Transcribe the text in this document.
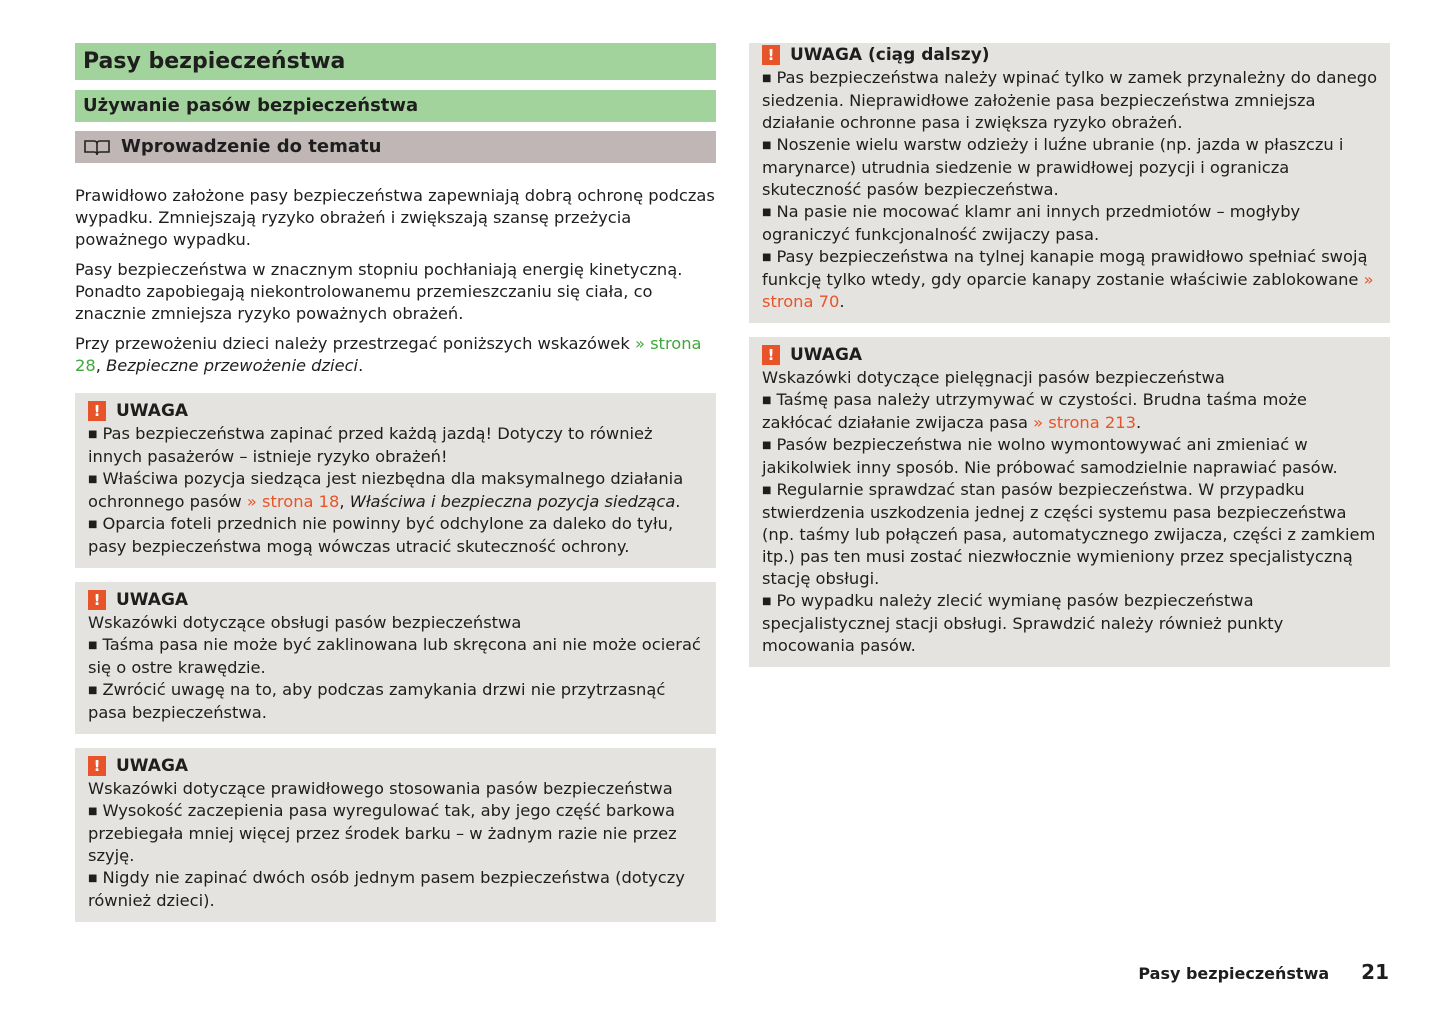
Pasy bezpieczeństwa
Używanie pasów bezpieczeństwa
Wprowadzenie do tematu

Prawidłowo założone pasy bezpieczeństwa zapewniają dobrą ochronę podczas wypadku. Zmniejszają ryzyko obrażeń i zwiększają szansę przeżycia poważnego wypadku.

Pasy bezpieczeństwa w znacznym stopniu pochłaniają energię kinetyczną. Ponadto zapobiegają niekontrolowanemu przemieszczaniu się ciała, co znacznie zmniejsza ryzyko poważnych obrażeń.

Przy przewożeniu dzieci należy przestrzegać poniższych wskazówek » strona 28, Bezpieczne przewożenie dzieci.

! UWAGA
■ Pas bezpieczeństwa zapinać przed każdą jazdą! Dotyczy to również innych pasażerów – istnieje ryzyko obrażeń!
■ Właściwa pozycja siedząca jest niezbędna dla maksymalnego działania ochronnego pasów » strona 18, Właściwa i bezpieczna pozycja siedząca.
■ Oparcia foteli przednich nie powinny być odchylone za daleko do tyłu, pasy bezpieczeństwa mogą wówczas utracić skuteczność ochrony.
! UWAGA
Wskazówki dotyczące obsługi pasów bezpieczeństwa
■ Taśma pasa nie może być zaklinowana lub skręcona ani nie może ocierać się o ostre krawędzie.
■ Zwrócić uwagę na to, aby podczas zamykania drzwi nie przytrzasnąć pasa bezpieczeństwa.
! UWAGA
Wskazówki dotyczące prawidłowego stosowania pasów bezpieczeństwa
■ Wysokość zaczepienia pasa wyregulować tak, aby jego część barkowa przebiegała mniej więcej przez środek barku – w żadnym razie nie przez szyję.
■ Nigdy nie zapinać dwóch osób jednym pasem bezpieczeństwa (dotyczy również dzieci).
! UWAGA (ciąg dalszy)
■ Pas bezpieczeństwa należy wpinać tylko w zamek przynależny do danego siedzenia. Nieprawidłowe założenie pasa bezpieczeństwa zmniejsza działanie ochronne pasa i zwiększa ryzyko obrażeń.
■ Noszenie wielu warstw odzieży i luźne ubranie (np. jazda w płaszczu i marynarce) utrudnia siedzenie w prawidłowej pozycji i ogranicza skuteczność pasów bezpieczeństwa.
■ Na pasie nie mocować klamr ani innych przedmiotów – mogłyby ograniczyć funkcjonalność zwijaczy pasa.
■ Pasy bezpieczeństwa na tylnej kanapie mogą prawidłowo spełniać swoją funkcję tylko wtedy, gdy oparcie kanapy zostanie właściwie zablokowane » strona 70.
! UWAGA
Wskazówki dotyczące pielęgnacji pasów bezpieczeństwa
■ Taśmę pasa należy utrzymywać w czystości. Brudna taśma może zakłócać działanie zwijacza pasa » strona 213.
■ Pasów bezpieczeństwa nie wolno wymontowywać ani zmieniać w jakikolwiek inny sposób. Nie próbować samodzielnie naprawiać pasów.
■ Regularnie sprawdzać stan pasów bezpieczeństwa. W przypadku stwierdzenia uszkodzenia jednej z części systemu pasa bezpieczeństwa (np. taśmy lub połączeń pasa, automatycznego zwijacza, części z zamkiem itp.) pas ten musi zostać niezwłocznie wymieniony przez specjalistyczną stację obsługi.
■ Po wypadku należy zlecić wymianę pasów bezpieczeństwa specjalistycznej stacji obsługi. Sprawdzić należy również punkty mocowania pasów.
Pasy bezpieczeństwa 21
